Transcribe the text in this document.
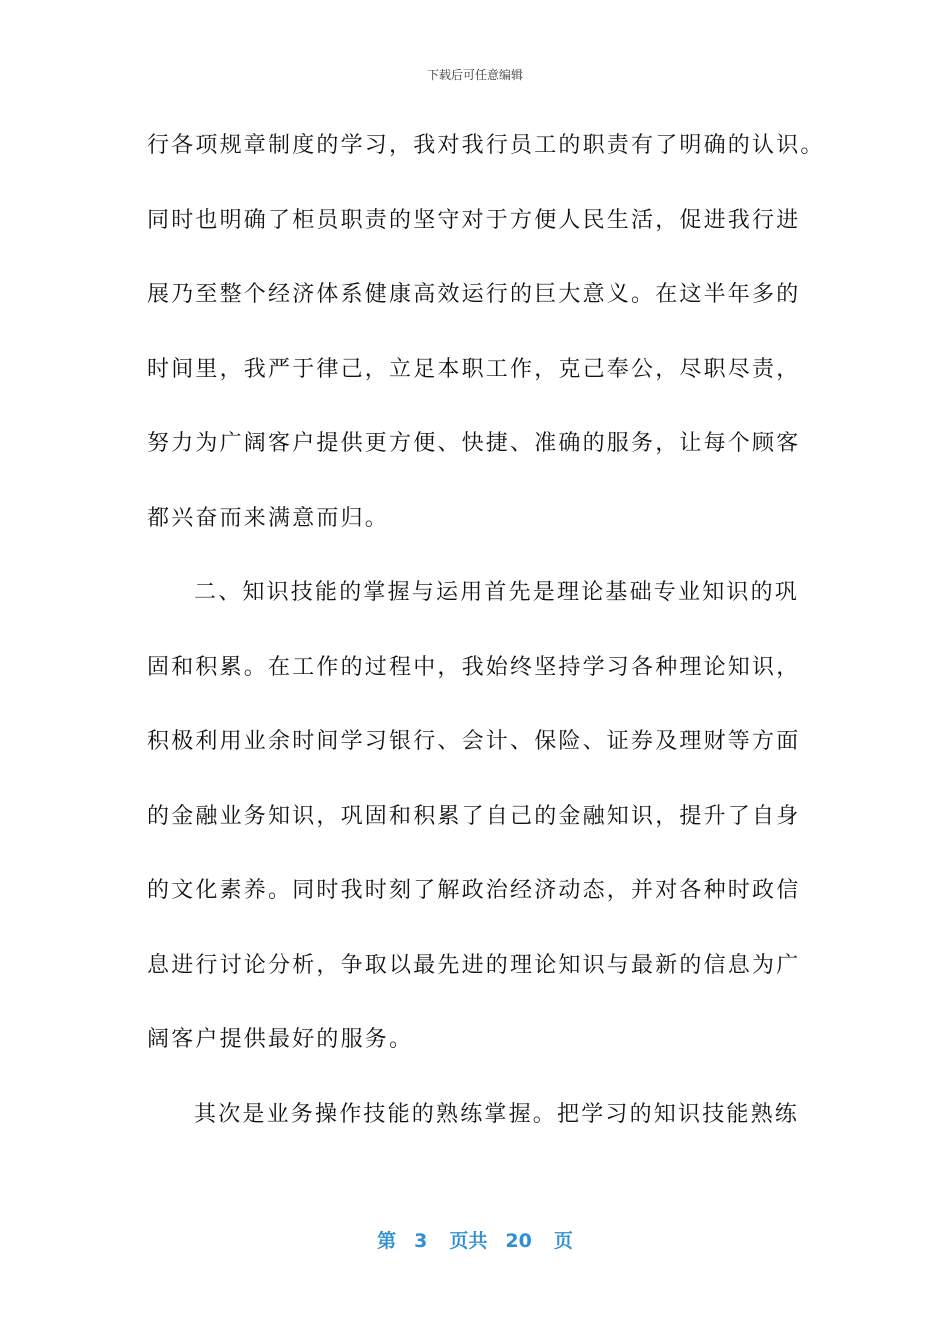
下载后可任意编辑
行各项规章制度的学习，我对我行员工的职责有了明确的认识。
同时也明确了柜员职责的坚守对于方便人民生活，促进我行进
展乃至整个经济体系健康高效运行的巨大意义。在这半年多的
时间里，我严于律己，立足本职工作，克己奉公，尽职尽责，
努力为广阔客户提供更方便、快捷、准确的服务，让每个顾客
都兴奋而来满意而归。
二、知识技能的掌握与运用首先是理论基础专业知识的巩
固和积累。在工作的过程中，我始终坚持学习各种理论知识，
积极利用业余时间学习银行、会计、保险、证券及理财等方面
的金融业务知识，巩固和积累了自己的金融知识，提升了自身
的文化素养。同时我时刻了解政治经济动态，并对各种时政信
息进行讨论分析，争取以最先进的理论知识与最新的信息为广
阔客户提供最好的服务。
其次是业务操作技能的熟练掌握。把学习的知识技能熟练
第 3 页共 20 页
